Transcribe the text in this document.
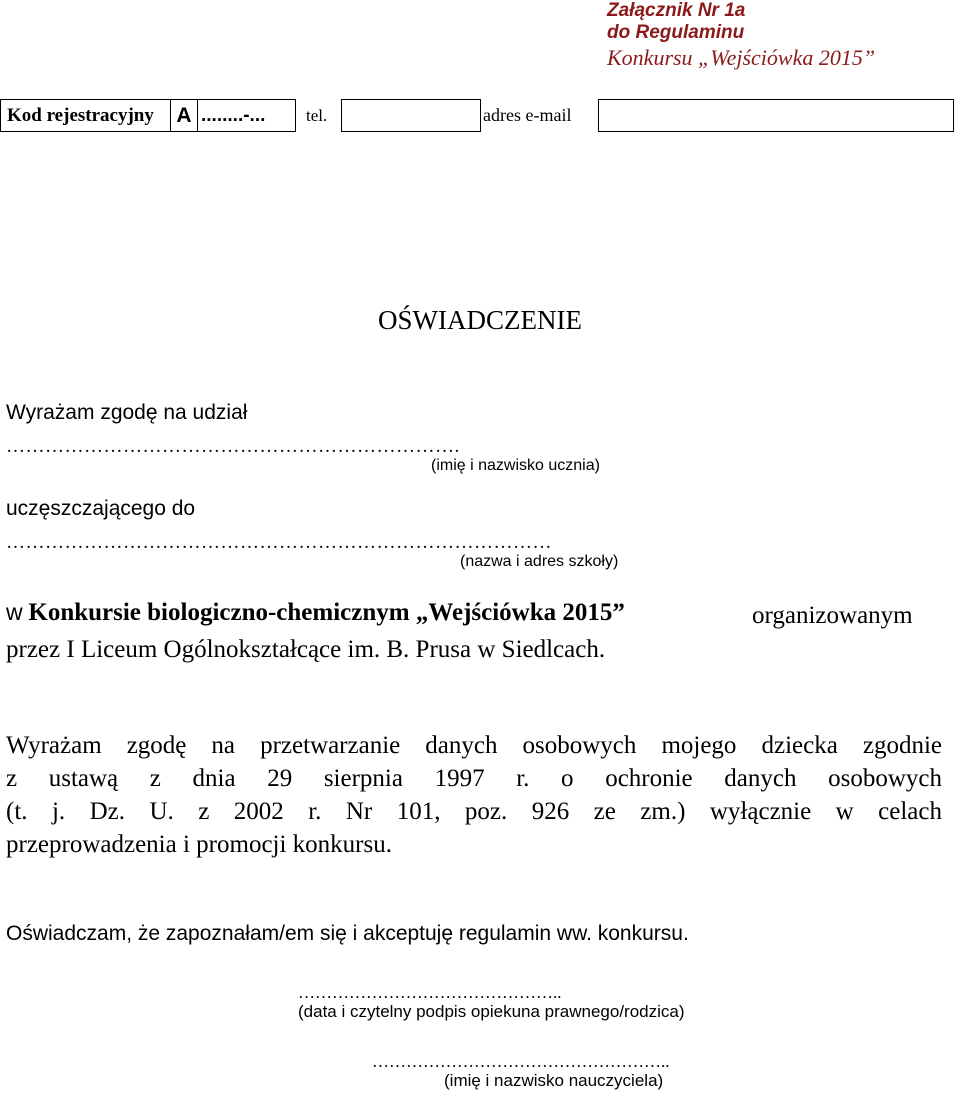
Załącznik Nr 1a
do Regulaminu
Konkursu „Wejściówka 2015”
Kod rejestracyjny	A ........-...	tel.	adres e-mail
OŚWIADCZENIE
Wyrażam zgodę na udział
…………………………………………………………….
(imię i nazwisko ucznia)
uczęszczającego do
…………………………………………………………………………
(nazwa i adres szkoły)
w Konkursie biologiczno-chemicznym „Wejściówka 2015”	organizowanym
przez I Liceum Ogólnokształcące im. B. Prusa w Siedlcach.
Wyrażam zgodę na przetwarzanie danych osobowych mojego dziecka zgodnie
z ustawą z dnia 29 sierpnia 1997 r. o ochronie danych osobowych
(t. j. Dz. U. z 2002 r. Nr 101, poz. 926 ze zm.) wyłącznie w celach
przeprowadzenia i promocji konkursu.
Oświadczam, że zapoznałam/em się i akceptuję regulamin ww. konkursu.
………………………………………..
(data i czytelny podpis opiekuna prawnego/rodzica)
……………………………………………..
(imię i nazwisko nauczyciela)
